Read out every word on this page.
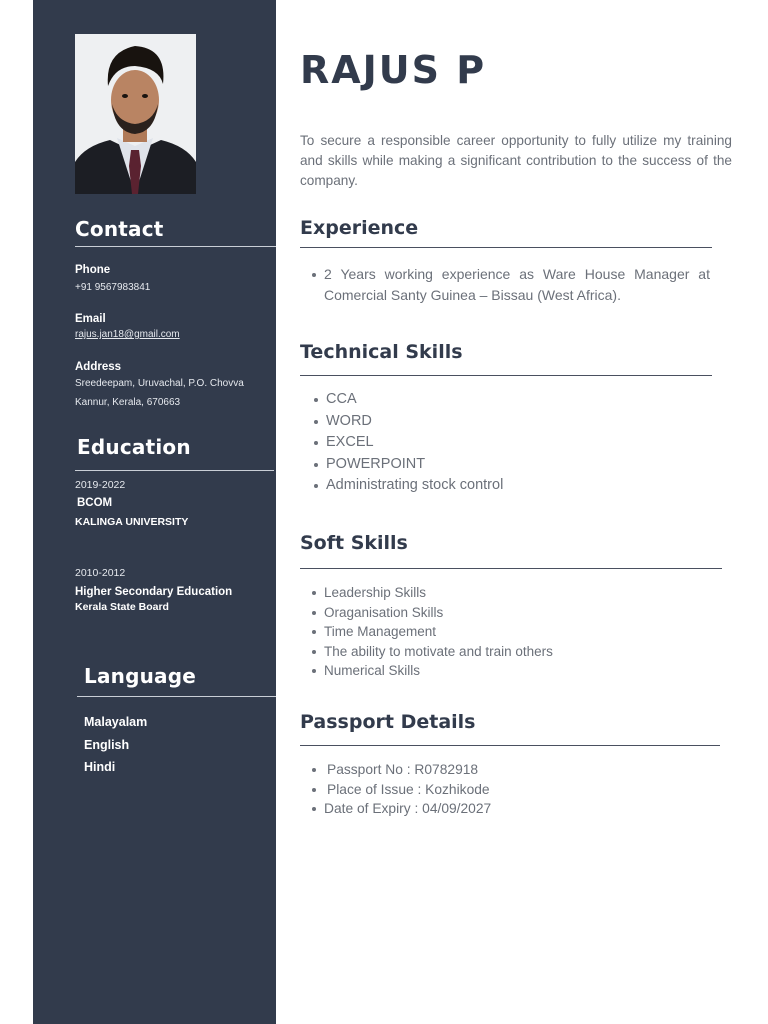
Contact
Phone
+91 9567983841
Email
rajus.jan18@gmail.com
Address
Sreedeepam, Uruvachal, P.O. Chovva
Kannur, Kerala, 670663
Education
2019-2022
BCOM
KALINGA UNIVERSITY
2010-2012
Higher Secondary Education
Kerala State Board
Language
Malayalam
English
Hindi
RAJUS P
To secure a responsible career opportunity to fully utilize my training and skills while making a significant contribution to the success of the company.
Experience
2 Years working experience as Ware House Manager at Comercial Santy Guinea – Bissau (West Africa).
Technical Skills
CCA
WORD
EXCEL
POWERPOINT
Administrating stock control
Soft Skills
Leadership Skills
Oraganisation Skills
Time Management
The ability to motivate and train others
Numerical Skills
Passport Details
Passport No : R0782918
Place of Issue : Kozhikode
Date of Expiry : 04/09/2027
